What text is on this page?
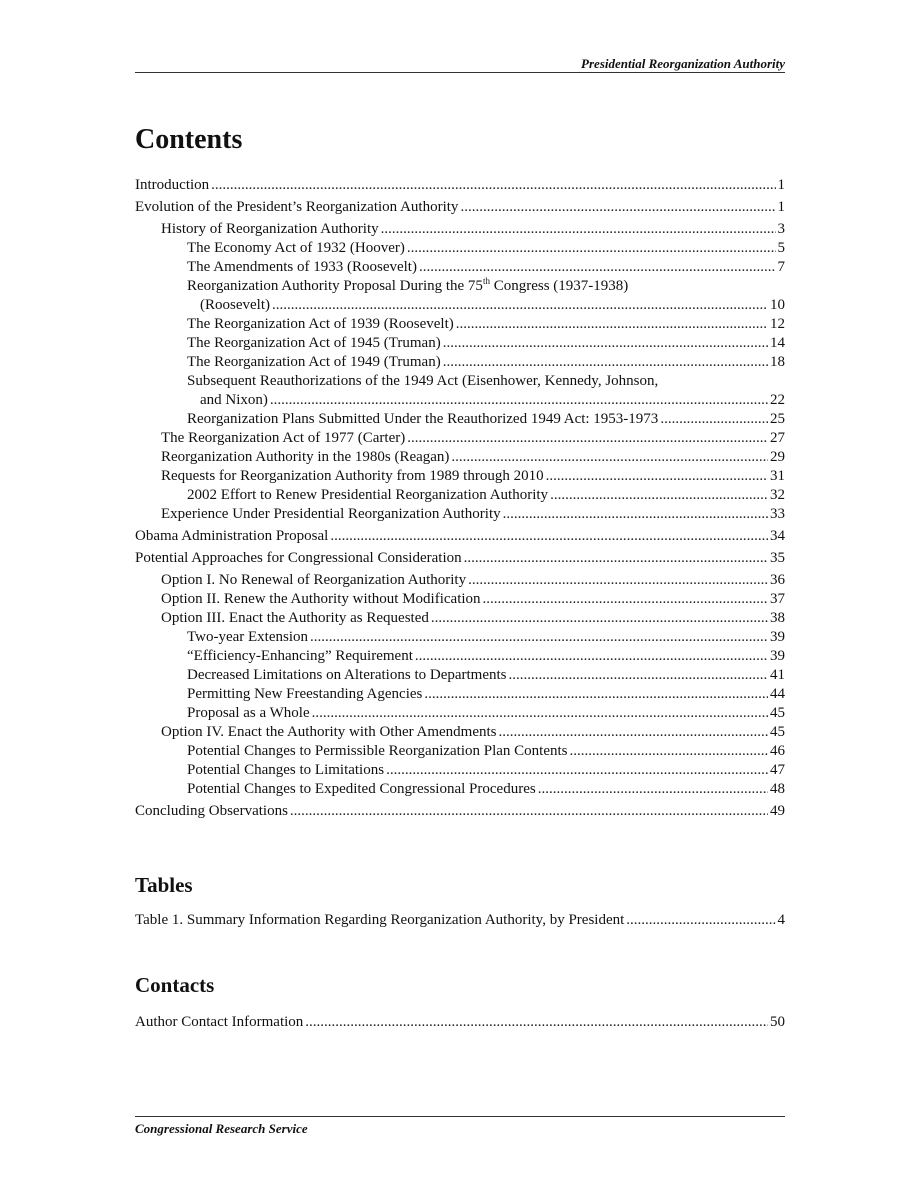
Presidential Reorganization Authority
Contents
Introduction .....	1
Evolution of the President’s Reorganization Authority .....	1
History of Reorganization Authority .....	3
The Economy Act of 1932 (Hoover) .....	5
The Amendments of 1933 (Roosevelt) .....	7
Reorganization Authority Proposal During the 75th Congress (1937-1938)
(Roosevelt) .....	10
The Reorganization Act of 1939 (Roosevelt) .....	12
The Reorganization Act of 1945 (Truman) .....	14
The Reorganization Act of 1949 (Truman) .....	18
Subsequent Reauthorizations of the 1949 Act (Eisenhower, Kennedy, Johnson,
and Nixon) .....	22
Reorganization Plans Submitted Under the Reauthorized 1949 Act: 1953-1973 .....	25
The Reorganization Act of 1977 (Carter) .....	27
Reorganization Authority in the 1980s (Reagan) .....	29
Requests for Reorganization Authority from 1989 through 2010 .....	31
2002 Effort to Renew Presidential Reorganization Authority .....	32
Experience Under Presidential Reorganization Authority .....	33
Obama Administration Proposal .....	34
Potential Approaches for Congressional Consideration .....	35
Option I. No Renewal of Reorganization Authority .....	36
Option II. Renew the Authority without Modification .....	37
Option III. Enact the Authority as Requested .....	38
Two-year Extension .....	39
“Efficiency-Enhancing” Requirement .....	39
Decreased Limitations on Alterations to Departments .....	41
Permitting New Freestanding Agencies .....	44
Proposal as a Whole .....	45
Option IV. Enact the Authority with Other Amendments .....	45
Potential Changes to Permissible Reorganization Plan Contents .....	46
Potential Changes to Limitations .....	47
Potential Changes to Expedited Congressional Procedures .....	48
Concluding Observations .....	49
Tables
Table 1. Summary Information Regarding Reorganization Authority, by President .....	4
Contacts
Author Contact Information .....	50
Congressional Research Service
